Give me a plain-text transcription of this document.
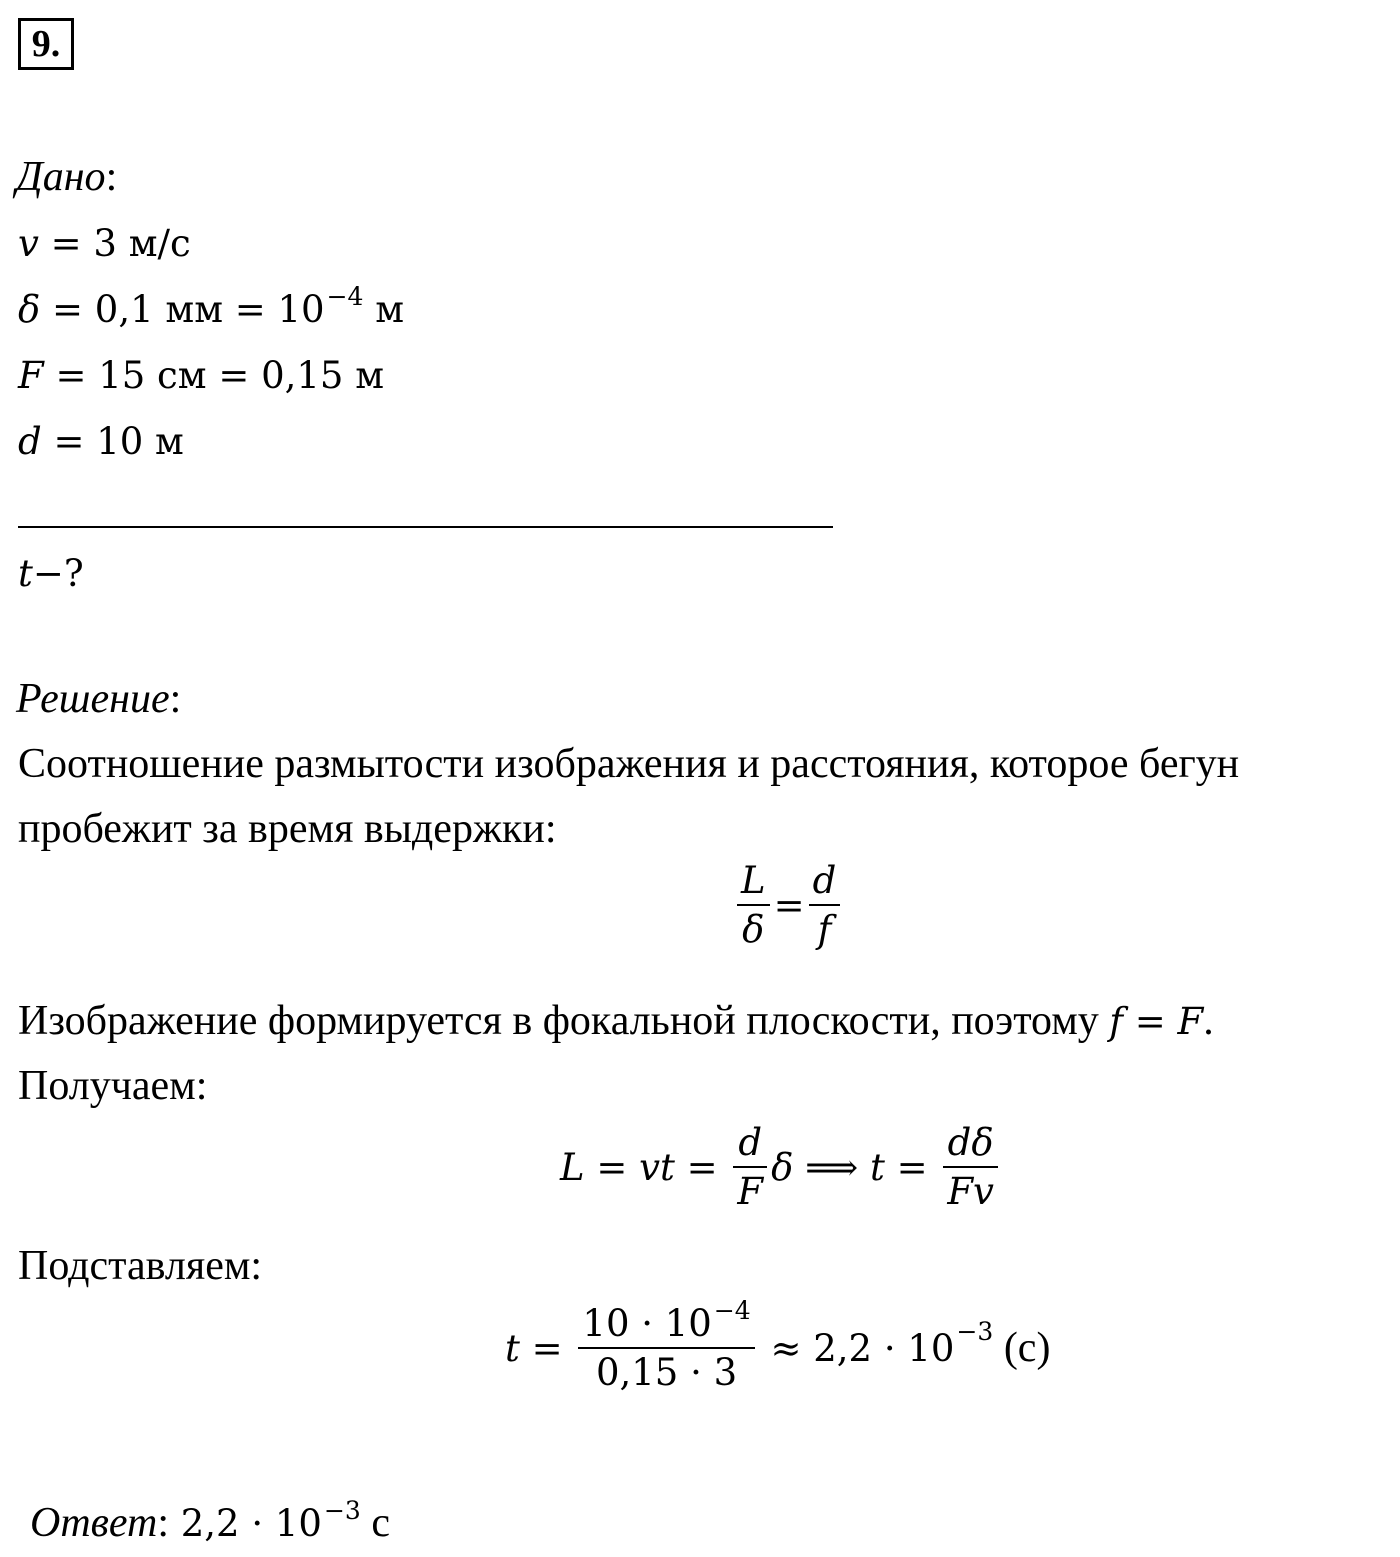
9.
Дано:
v = 3 м/с
δ = 0,1 мм = $10^{-4}$ м
F = 15 см = 0,15 м
d = 10 м
t−?
Решение:
Соотношение размытости изображения и расстояния, которое бегун
пробежит за время выдержки:
$\frac{L}{\delta} = \frac{d}{f}$
Изображение формируется в фокальной плоскости, поэтому f = F.
Получаем:
L = vt = $\frac{d}{F}$ δ ⟹ $t = \frac{d\delta}{Fv}$
Подставляем:
$t = \frac{10 \cdot 10^{-4}}{0,15 \cdot 3} \approx 2,2 \cdot 10 -3$ (с)
Ответ: $2,2 \cdot 10^{-3}$ с
